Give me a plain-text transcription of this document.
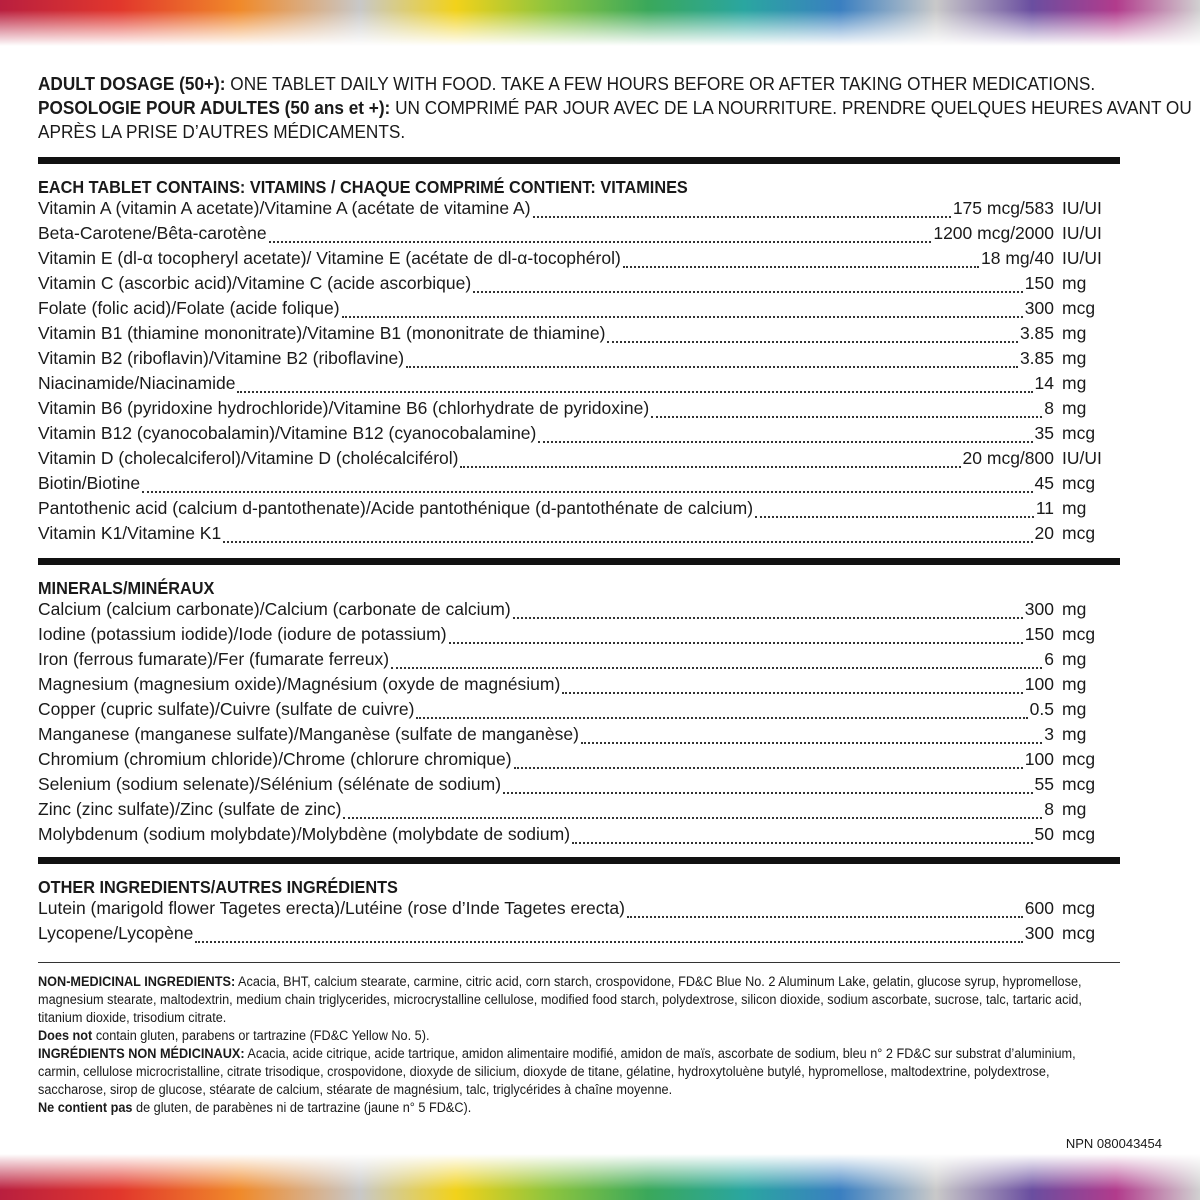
ADULT DOSAGE (50+): ONE TABLET DAILY WITH FOOD. TAKE A FEW HOURS BEFORE OR AFTER TAKING OTHER MEDICATIONS.
POSOLOGIE POUR ADULTES (50 ans et +): UN COMPRIMÉ PAR JOUR AVEC DE LA NOURRITURE. PRENDRE QUELQUES HEURES AVANT OU
APRÈS LA PRISE D’AUTRES MÉDICAMENTS.
EACH TABLET CONTAINS: VITAMINS / CHAQUE COMPRIMÉ CONTIENT: VITAMINES
Vitamin A (vitamin A acetate)/Vitamine A (acétate de vitamine A)	175 mcg/583 IU/UI
Beta-Carotene/Bêta-carotène	1200 mcg/2000 IU/UI
Vitamin E (dl-α tocopheryl acetate)/ Vitamine E (acétate de dl-α-tocophérol)	18 mg/40 IU/UI
Vitamin C (ascorbic acid)/Vitamine C (acide ascorbique)	150 mg
Folate (folic acid)/Folate (acide folique)	300 mcg
Vitamin B1 (thiamine mononitrate)/Vitamine B1 (mononitrate de thiamine)	3.85 mg
Vitamin B2 (riboflavin)/Vitamine B2 (riboflavine)	3.85 mg
Niacinamide/Niacinamide	14 mg
Vitamin B6 (pyridoxine hydrochloride)/Vitamine B6 (chlorhydrate de pyridoxine)	8 mg
Vitamin B12 (cyanocobalamin)/Vitamine B12 (cyanocobalamine)	35 mcg
Vitamin D (cholecalciferol)/Vitamine D (cholécalciférol)	20 mcg/800 IU/UI
Biotin/Biotine	45 mcg
Pantothenic acid (calcium d-pantothenate)/Acide pantothénique (d-pantothénate de calcium)	11 mg
Vitamin K1/Vitamine K1	20 mcg
MINERALS/MINÉRAUX
Calcium (calcium carbonate)/Calcium (carbonate de calcium)	300 mg
Iodine (potassium iodide)/Iode (iodure de potassium)	150 mcg
Iron (ferrous fumarate)/Fer (fumarate ferreux)	6 mg
Magnesium (magnesium oxide)/Magnésium (oxyde de magnésium)	100 mg
Copper (cupric sulfate)/Cuivre (sulfate de cuivre)	0.5 mg
Manganese (manganese sulfate)/Manganèse (sulfate de manganèse)	3 mg
Chromium (chromium chloride)/Chrome (chlorure chromique)	100 mcg
Selenium (sodium selenate)/Sélénium (sélénate de sodium)	55 mcg
Zinc (zinc sulfate)/Zinc (sulfate de zinc)	8 mg
Molybdenum (sodium molybdate)/Molybdène (molybdate de sodium)	50 mcg
OTHER INGREDIENTS/AUTRES INGRÉDIENTS
Lutein (marigold flower Tagetes erecta)/Lutéine (rose d’Inde Tagetes erecta)	600 mcg
Lycopene/Lycopène	300 mcg
NON-MEDICINAL INGREDIENTS: Acacia, BHT, calcium stearate, carmine, citric acid, corn starch, crospovidone, FD&C Blue No. 2 Aluminum Lake, gelatin, glucose syrup, hypromellose, magnesium stearate, maltodextrin, medium chain triglycerides, microcrystalline cellulose, modified food starch, polydextrose, silicon dioxide, sodium ascorbate, sucrose, talc, tartaric acid, titanium dioxide, trisodium citrate.
Does not contain gluten, parabens or tartrazine (FD&C Yellow No. 5).
INGRÉDIENTS NON MÉDICINAUX: Acacia, acide citrique, acide tartrique, amidon alimentaire modifié, amidon de maïs, ascorbate de sodium, bleu n° 2 FD&C sur substrat d’aluminium, carmin, cellulose microcristalline, citrate trisodique, crospovidone, dioxyde de silicium, dioxyde de titane, gélatine, hydroxytoluène butylé, hypromellose, maltodextrine, polydextrose, saccharose, sirop de glucose, stéarate de calcium, stéarate de magnésium, talc, triglycérides à chaîne moyenne.
Ne contient pas de gluten, de parabènes ni de tartrazine (jaune n° 5 FD&C).
NPN 080043454
